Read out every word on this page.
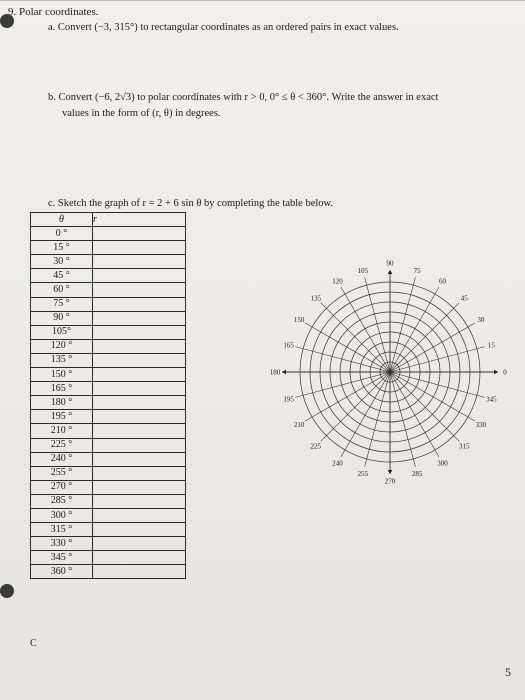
9. Polar coordinates.
a. Convert (−3, 315°) to rectangular coordinates as an ordered pairs in exact values.
b. Convert (−6, 2√3) to polar coordinates with r > 0, 0° ≤ θ < 360°. Write the answer in exact
values in the form of (r, θ) in degrees.
c. Sketch the graph of r = 2 + 6 sin θ by completing the table below.
θ	r
0 °	
15 °	
30 °	
45 °	
60 °	
75 °	
90 °	
105°	
120 °	
135 °	
150 °	
165 °	
180 °	
195 °	
210 °	
225 °	
240 °	
255 °	
270 °	
285 °	
300 °	
315 °	
330 °	
345 °	
360 °	
0
15
30
45
60
75
90
105
120
135
150
165
180
195
210
225
240
255
270
285
300
315
330
345
C
5
